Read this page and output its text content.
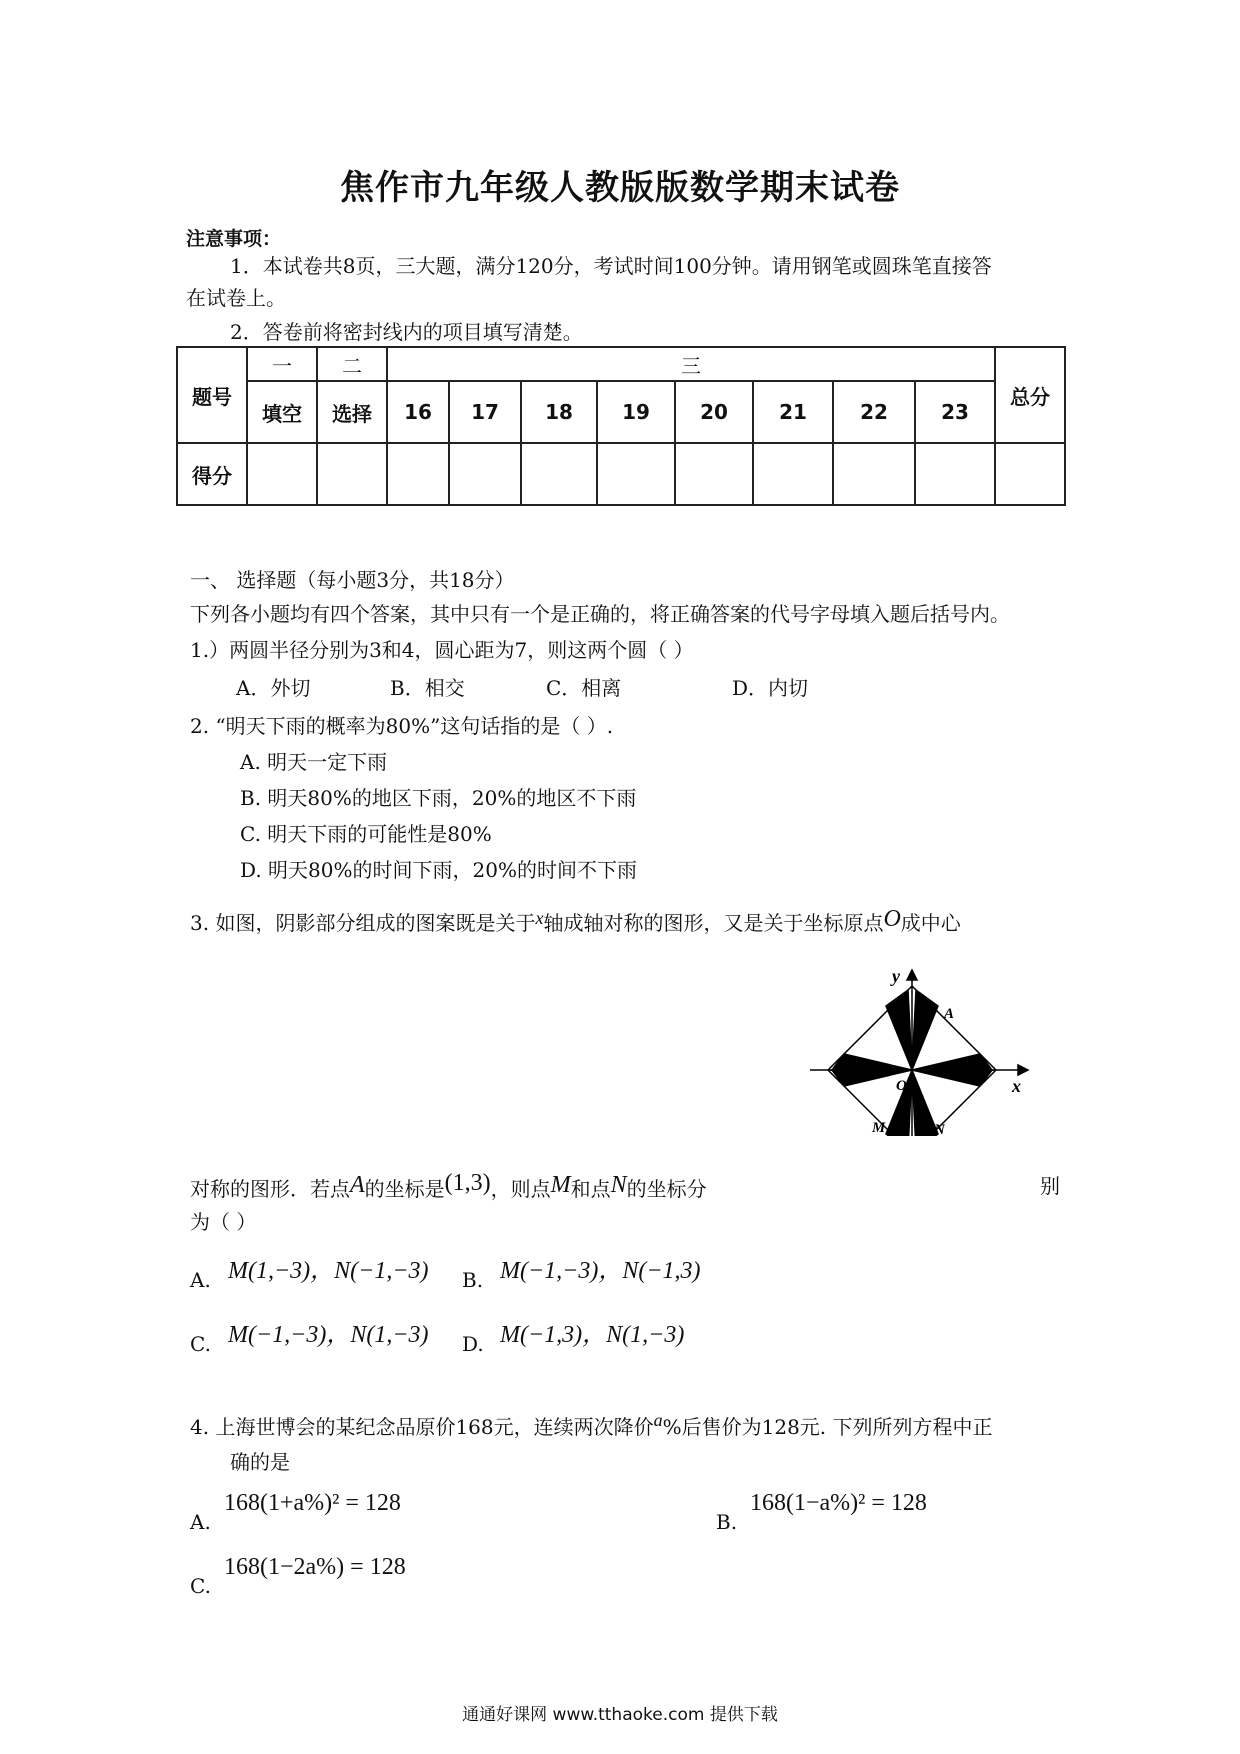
焦作市九年级人教版版数学期末试卷
注意事项：
1．本试卷共8页，三大题，满分120分，考试时间100分钟。请用钢笔或圆珠笔直接答
在试卷上。
2．答卷前将密封线内的项目填写清楚。
题号	一	二	三								总分
	填空	选择	16	17	18	19	20	21	22	23	
得分											
一、 选择题（每小题3分，共18分）
下列各小题均有四个答案，其中只有一个是正确的，将正确答案的代号字母填入题后括号内。
1.）两圆半径分别为3和4，圆心距为7，则这两个圆（ ）
A．外切	B．相交	C．相离	D．内切
2. “明天下雨的概率为80%”这句话指的是（ ）.
A. 明天一定下雨
B. 明天80%的地区下雨，20%的地区不下雨
C. 明天下雨的可能性是80%
D. 明天80%的时间下雨，20%的时间不下雨
3. 如图，阴影部分组成的图案既是关于x轴成轴对称的图形，又是关于坐标原点O成中心
y
x
O
A
M	N
对称的图形．若点A的坐标是(1,3)，则点M和点N的坐标分	别
为（ ）
A. M(1,−3)，N(−1,−3) B. M(−1,−3)，N(−1,3)
C. M(−1,−3)，N(1,−3) D. M(−1,3)，N(1,−3)
4. 上海世博会的某纪念品原价168元，连续两次降价a%后售价为128元. 下列所列方程中正
确的是
A.
168(1+a%)² = 128
B.
168(1−a%)² = 128
C.
168(1−2a%) = 128
通通好课网 www.tthaoke.com 提供下载
